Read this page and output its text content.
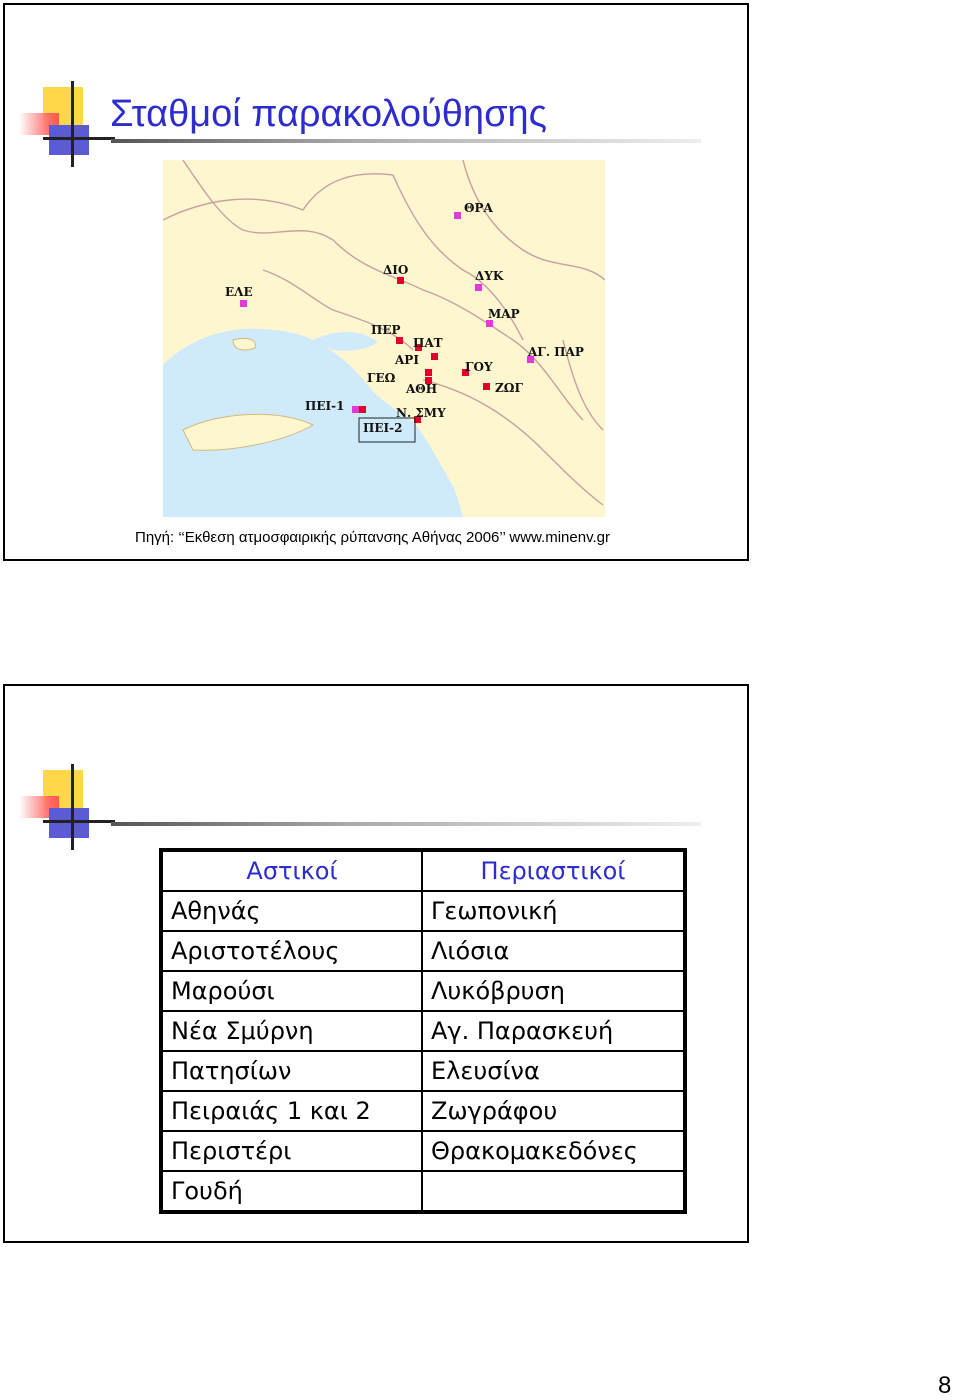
Σταθμοί παρακολούθησης
ΘΡΑ
ΔΙΟ	ΔΥΚ
ΕΛΕ
ΜΑΡ
ΠΕΡ
ΠΑΤ
ΑΓ. ΠΑΡ
ΑΡΙ	ΓΟΥ
ΓΕΩ
ΑΘΗ	ΖΩΓ
ΠΕΙ-1	Ν. ΣΜΥ
ΠΕΙ-2
Πηγή: ‘‘Εκθεση ατμοσφαιρικής ρύπανσης Αθήνας 2006’’ www.minenv.gr
Αστικοί	Περιαστικοί
Αθηνάς	Γεωπονική
Αριστοτέλους	Λιόσια
Μαρούσι	Λυκόβρυση
Νέα Σμύρνη	Αγ. Παρασκευή
Πατησίων	Ελευσίνα
Πειραιάς 1 και 2	Ζωγράφου
Περιστέρι	Θρακομακεδόνες
Γουδή	
8
